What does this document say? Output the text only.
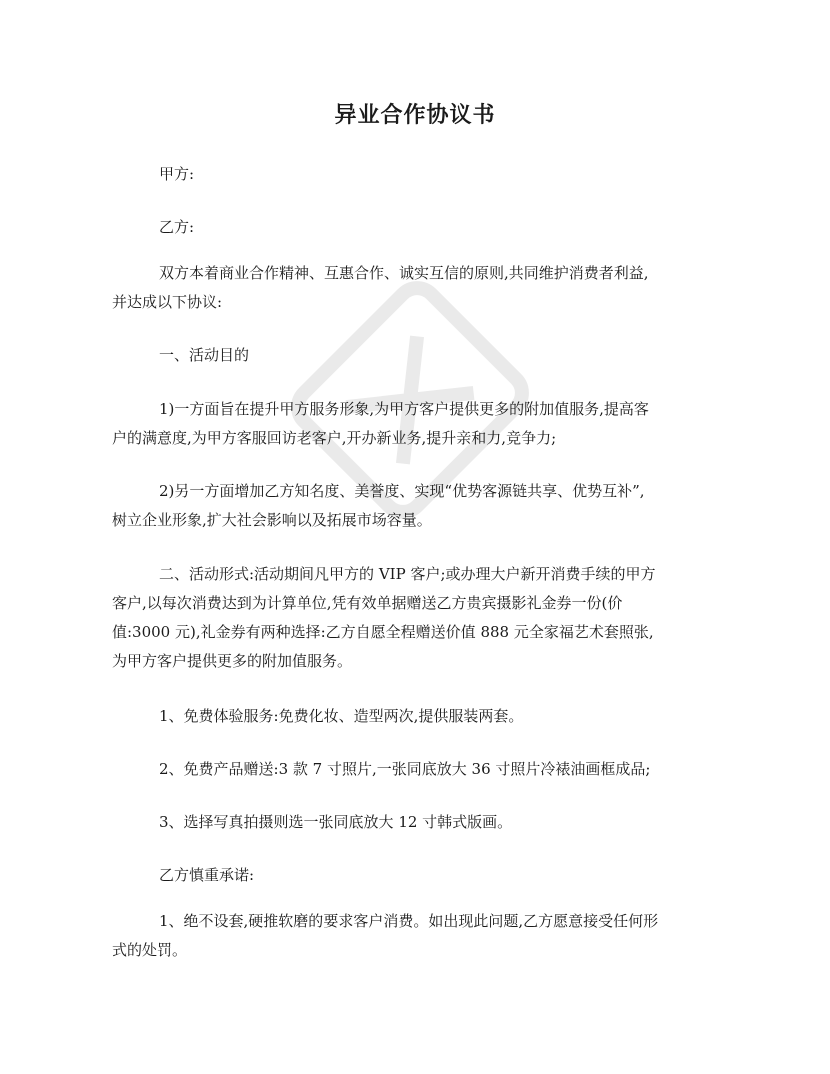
异业合作协议书

甲方:

乙方:

双方本着商业合作精神、互惠合作、诚实互信的原则,共同维护消费者利益,
并达成以下协议:

一、活动目的

1)一方面旨在提升甲方服务形象,为甲方客户提供更多的附加值服务,提高客
户的满意度,为甲方客服回访老客户,开办新业务,提升亲和力,竞争力;

2)另一方面增加乙方知名度、美誉度、实现“优势客源链共享、优势互补”,
树立企业形象,扩大社会影响以及拓展市场容量。

二、活动形式:活动期间凡甲方的 VIP 客户;或办理大户新开消费手续的甲方
客户,以每次消费达到为计算单位,凭有效单据赠送乙方贵宾摄影礼金券一份(价
值:3000 元),礼金券有两种选择:乙方自愿全程赠送价值 888 元全家福艺术套照张,
为甲方客户提供更多的附加值服务。

1、免费体验服务:免费化妆、造型两次,提供服装两套。

2、免费产品赠送:3 款 7 寸照片,一张同底放大 36 寸照片冷裱油画框成品;

3、选择写真拍摄则选一张同底放大 12 寸韩式版画。

乙方慎重承诺:

1、绝不设套,硬推软磨的要求客户消费。如出现此问题,乙方愿意接受任何形
式的处罚。
